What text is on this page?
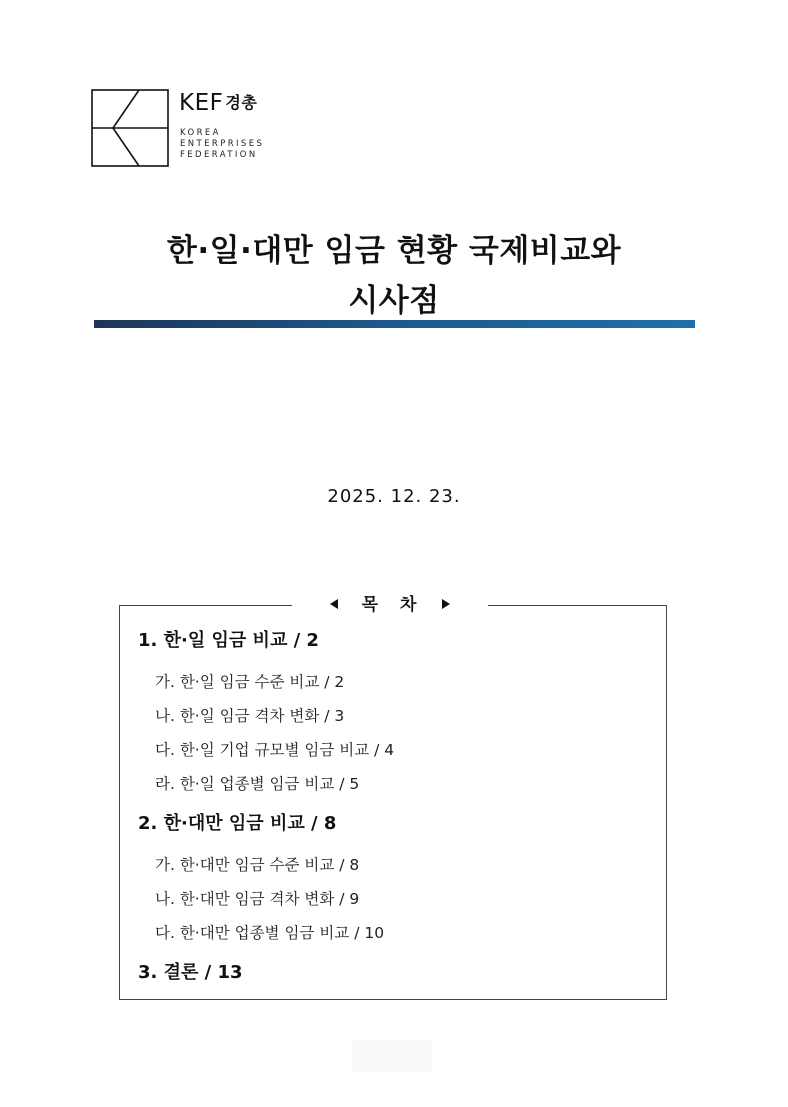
KEF 경총
KOREA
ENTERPRISES
FEDERATION
한·일·대만 임금 현황 국제비교와
시사점
2025. 12. 23.
목 차
1. 한·일 임금 비교 / 2
가. 한·일 임금 수준 비교 / 2
나. 한·일 임금 격차 변화 / 3
다. 한·일 기업 규모별 임금 비교 / 4
라. 한·일 업종별 임금 비교 / 5
2. 한·대만 임금 비교 / 8
가. 한·대만 임금 수준 비교 / 8
나. 한·대만 임금 격차 변화 / 9
다. 한·대만 업종별 임금 비교 / 10
3. 결론 / 13
